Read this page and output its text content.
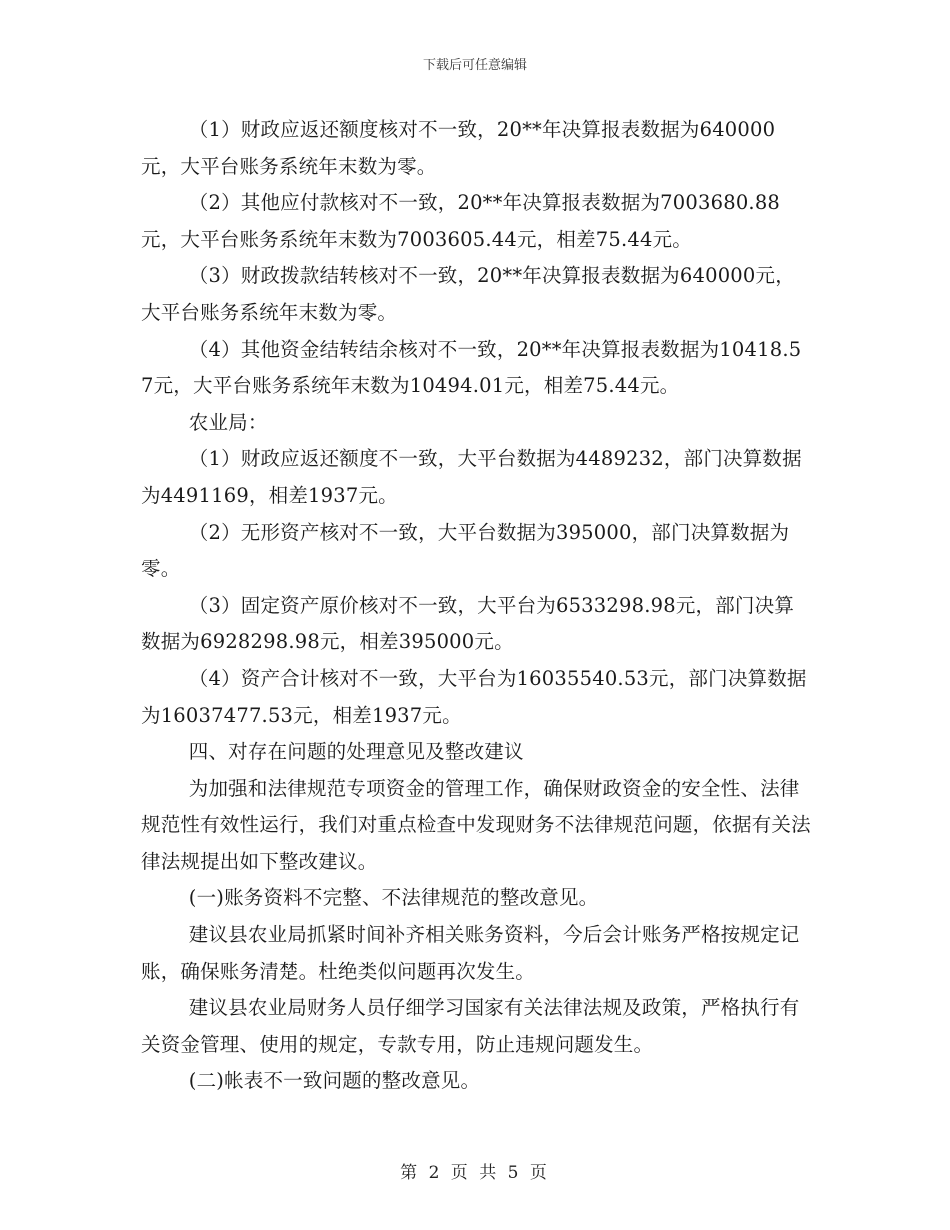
下载后可任意编辑

（1）财政应返还额度核对不一致，20**年决算报表数据为640000元，大平台账务系统年末数为零。

（2）其他应付款核对不一致，20**年决算报表数据为7003680.88元，大平台账务系统年末数为7003605.44元，相差75.44元。

（3）财政拨款结转核对不一致，20**年决算报表数据为640000元，大平台账务系统年末数为零。

（4）其他资金结转结余核对不一致，20**年决算报表数据为10418.57元，大平台账务系统年末数为10494.01元，相差75.44元。

农业局：

（1）财政应返还额度不一致，大平台数据为4489232，部门决算数据为4491169，相差1937元。

（2）无形资产核对不一致，大平台数据为395000，部门决算数据为零。

（3）固定资产原价核对不一致，大平台为6533298.98元，部门决算数据为6928298.98元，相差395000元。

（4）资产合计核对不一致，大平台为16035540.53元，部门决算数据为16037477.53元，相差1937元。

四、对存在问题的处理意见及整改建议

为加强和法律规范专项资金的管理工作，确保财政资金的安全性、法律规范性有效性运行，我们对重点检查中发现财务不法律规范问题，依据有关法律法规提出如下整改建议。

(一)账务资料不完整、不法律规范的整改意见。

建议县农业局抓紧时间补齐相关账务资料，今后会计账务严格按规定记账，确保账务清楚。杜绝类似问题再次发生。

建议县农业局财务人员仔细学习国家有关法律法规及政策，严格执行有关资金管理、使用的规定，专款专用，防止违规问题发生。

(二)帐表不一致问题的整改意见。

第 2 页 共 5 页
